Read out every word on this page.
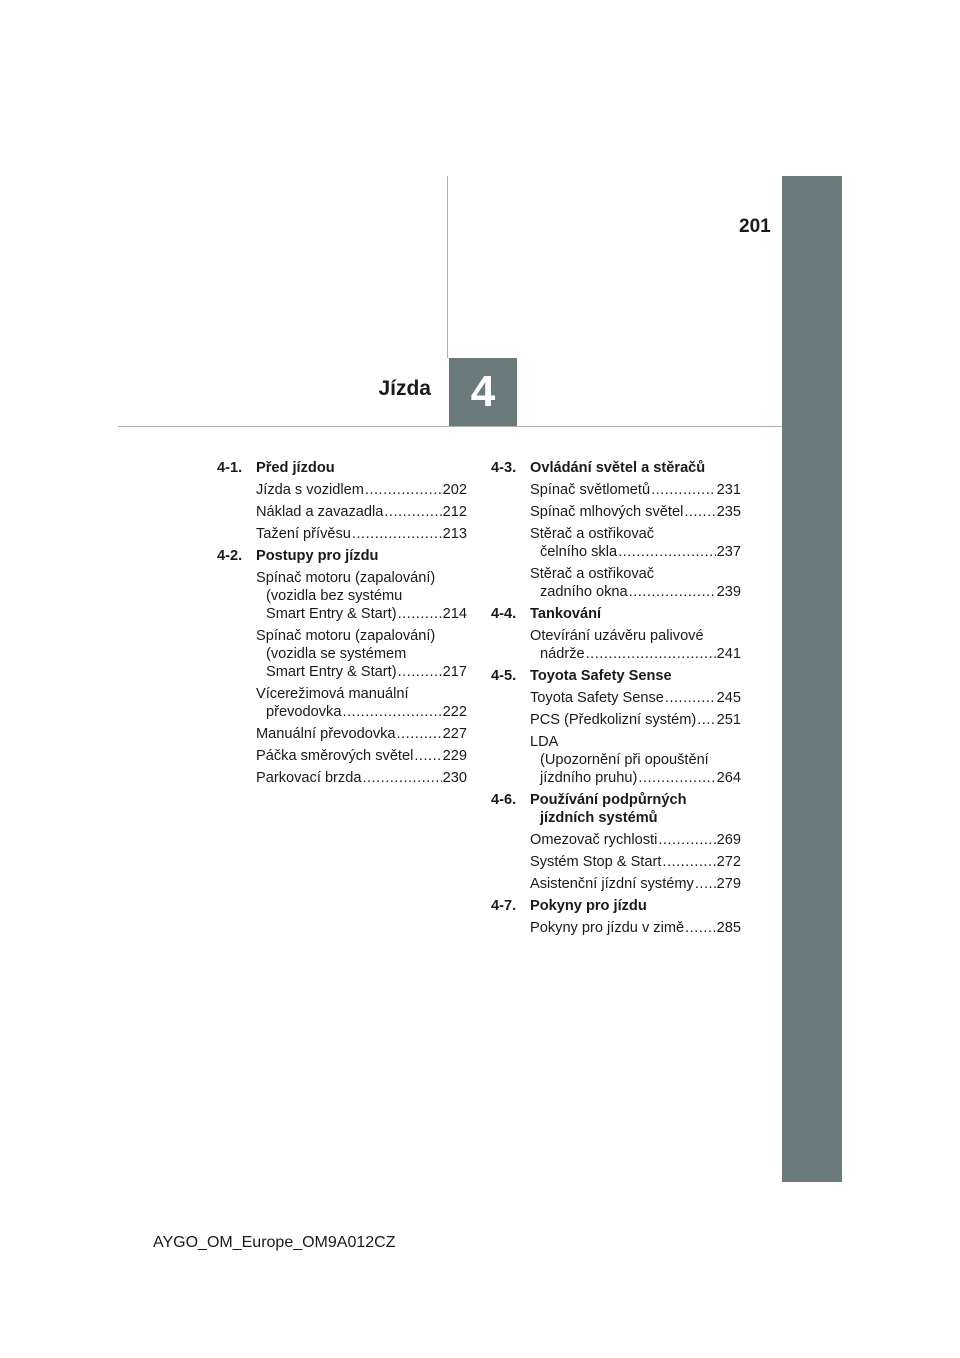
201
Jízda 4
4-1. Před jízdou
Jízda s vozidlem .....	202
Náklad a zavazadla .....	212
Tažení přívěsu .....	213
4-2. Postupy pro jízdu
Spínač motoru (zapalování)
(vozidla bez systému
Smart Entry & Start) .....	214
Spínač motoru (zapalování)
(vozidla se systémem
Smart Entry & Start) .....	217
Vícerežimová manuální
převodovka .....	222
Manuální převodovka .....	227
Páčka směrových světel ..... 229
Parkovací brzda .....	230
4-3. Ovládání světel a stěračů
Spínač světlometů .....	231
Spínač mlhových světel ..... 235
Stěrač a ostřikovač
čelního skla .....	237
Stěrač a ostřikovač
zadního okna .....	239
4-4. Tankování
Otevírání uzávěru palivové
nádrže .....	241
4-5. Toyota Safety Sense
Toyota Safety Sense .....	245
PCS (Předkolizní systém) ..... 251
LDA
(Upozornění při opouštění
jízdního pruhu) .....	264
4-6. Používání podpůrných
jízdních systémů
Omezovač rychlosti .....	269
Systém Stop & Start .....	272
Asistenční jízdní systémy ..... 279
4-7. Pokyny pro jízdu
Pokyny pro jízdu v zimě ..... 285
AYGO_OM_Europe_OM9A012CZ
